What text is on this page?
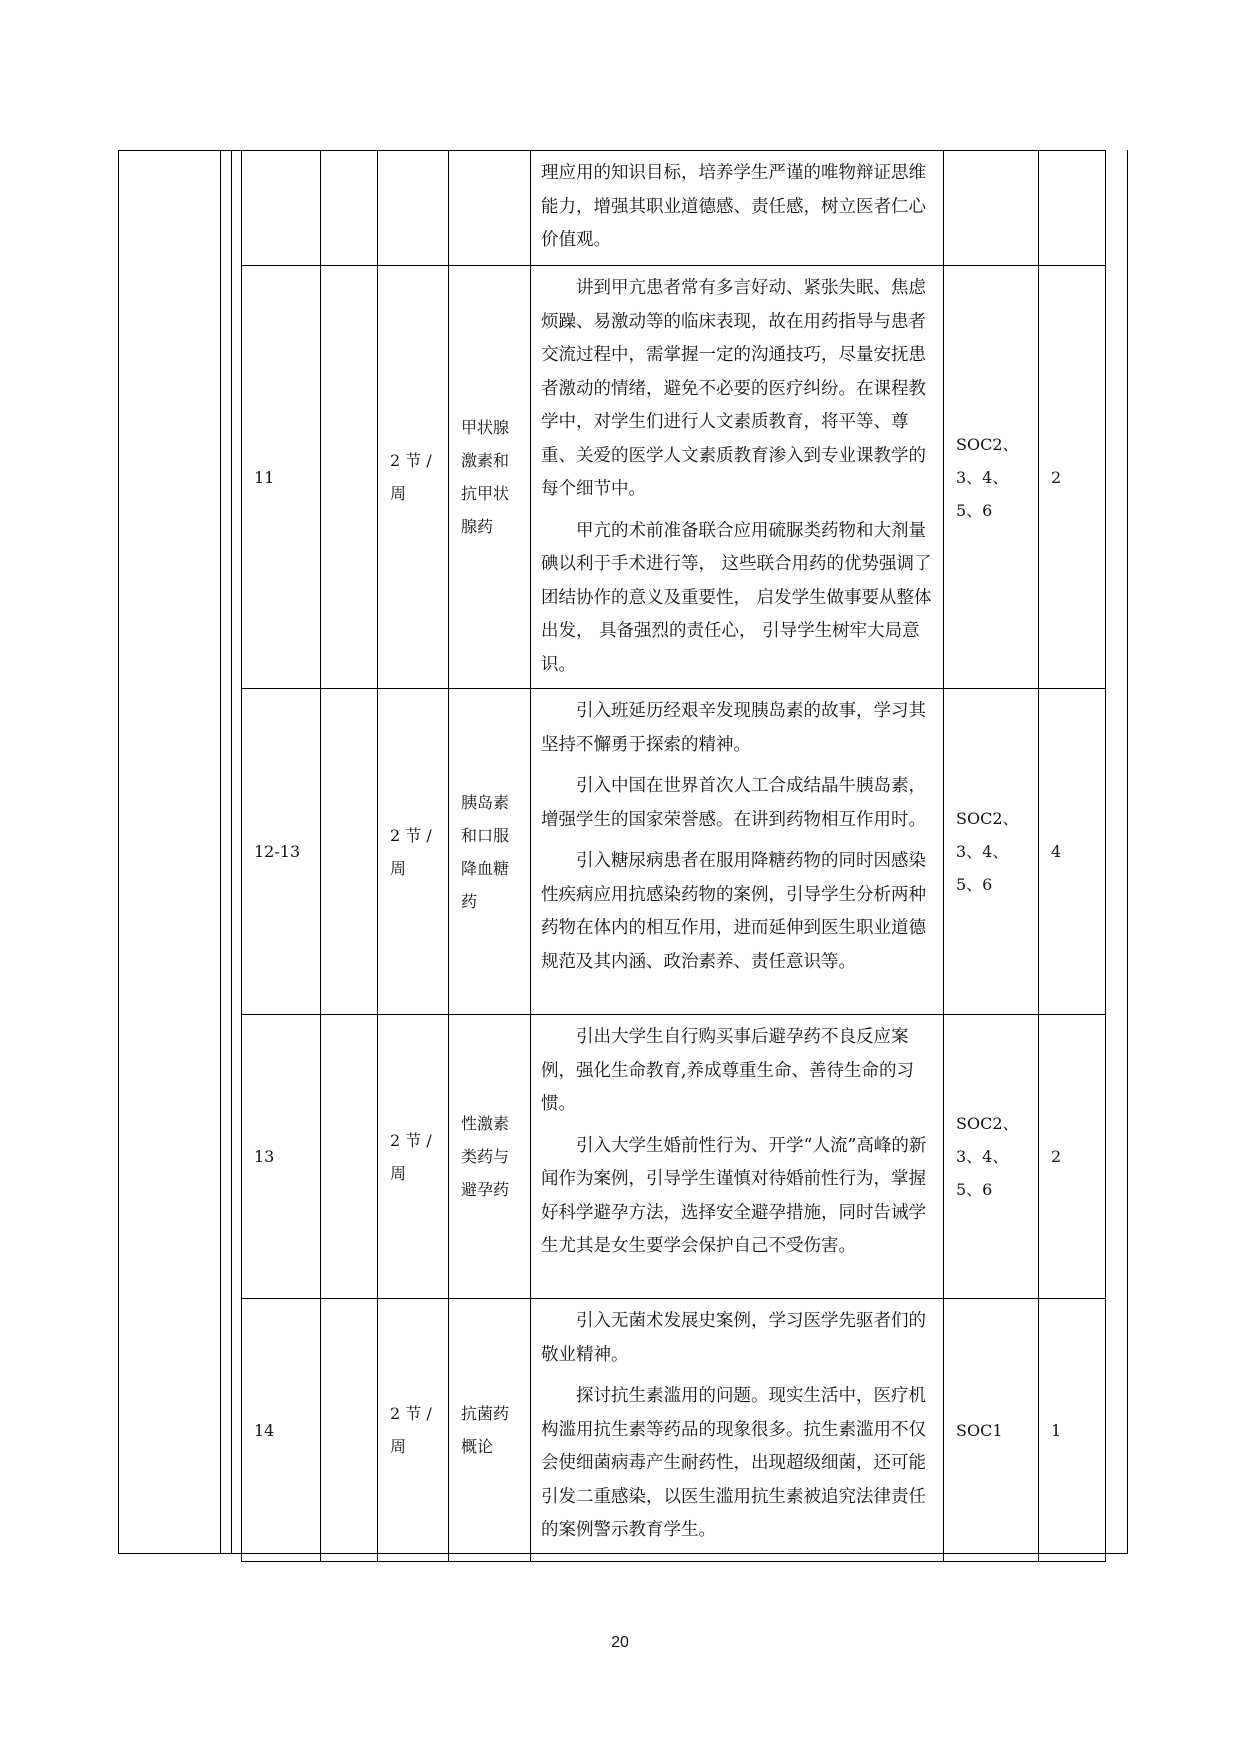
				理应用的知识目标，培养学生严谨的唯物辩证思维能力，增强其职业道德感、责任感，树立医者仁心价值观。		

11		2 节 / 周	甲状腺激素和抗甲状腺药	讲到甲亢患者常有多言好动、紧张失眠、焦虑烦躁、易激动等的临床表现，故在用药指导与患者交流过程中，需掌握一定的沟通技巧，尽量安抚患者激动的情绪，避免不必要的医疗纠纷。在课程教学中，对学生们进行人文素质教育，将平等、尊重、关爱的医学人文素质教育渗入到专业课教学的每个细节中。

甲亢的术前准备联合应用硫脲类药物和大剂量碘以利于手术进行等， 这些联合用药的优势强调了团结协作的意义及重要性， 启发学生做事要从整体出发， 具备强烈的责任心， 引导学生树牢大局意识。	SOC2、3、4、5、6	2
12-13		2 节 / 周	胰岛素和口服降血糖药	引入班延历经艰辛发现胰岛素的故事，学习其坚持不懈勇于探索的精神。

引入中国在世界首次人工合成结晶牛胰岛素，增强学生的国家荣誉感。在讲到药物相互作用时。

引入糖尿病患者在服用降糖药物的同时因感染性疾病应用抗感染药物的案例，引导学生分析两种药物在体内的相互作用，进而延伸到医生职业道德规范及其内涵、政治素养、责任意识等。	SOC2、3、4、5、6	4
13		2 节 / 周	性激素类药与避孕药	引出大学生自行购买事后避孕药不良反应案例，强化生命教育,养成尊重生命、善待生命的习惯。

引入大学生婚前性行为、开学“人流”高峰的新闻作为案例，引导学生谨慎对待婚前性行为，掌握好科学避孕方法，选择安全避孕措施，同时告诫学生尤其是女生要学会保护自己不受伤害。	SOC2、3、4、5、6	2
14		2 节 / 周	抗菌药概论	引入无菌术发展史案例，学习医学先驱者们的敬业精神。

探讨抗生素滥用的问题。现实生活中，医疗机构滥用抗生素等药品的现象很多。抗生素滥用不仅会使细菌病毒产生耐药性，出现超级细菌，还可能引发二重感染，以医生滥用抗生素被追究法律责任的案例警示教育学生。	SOC1	1
20
